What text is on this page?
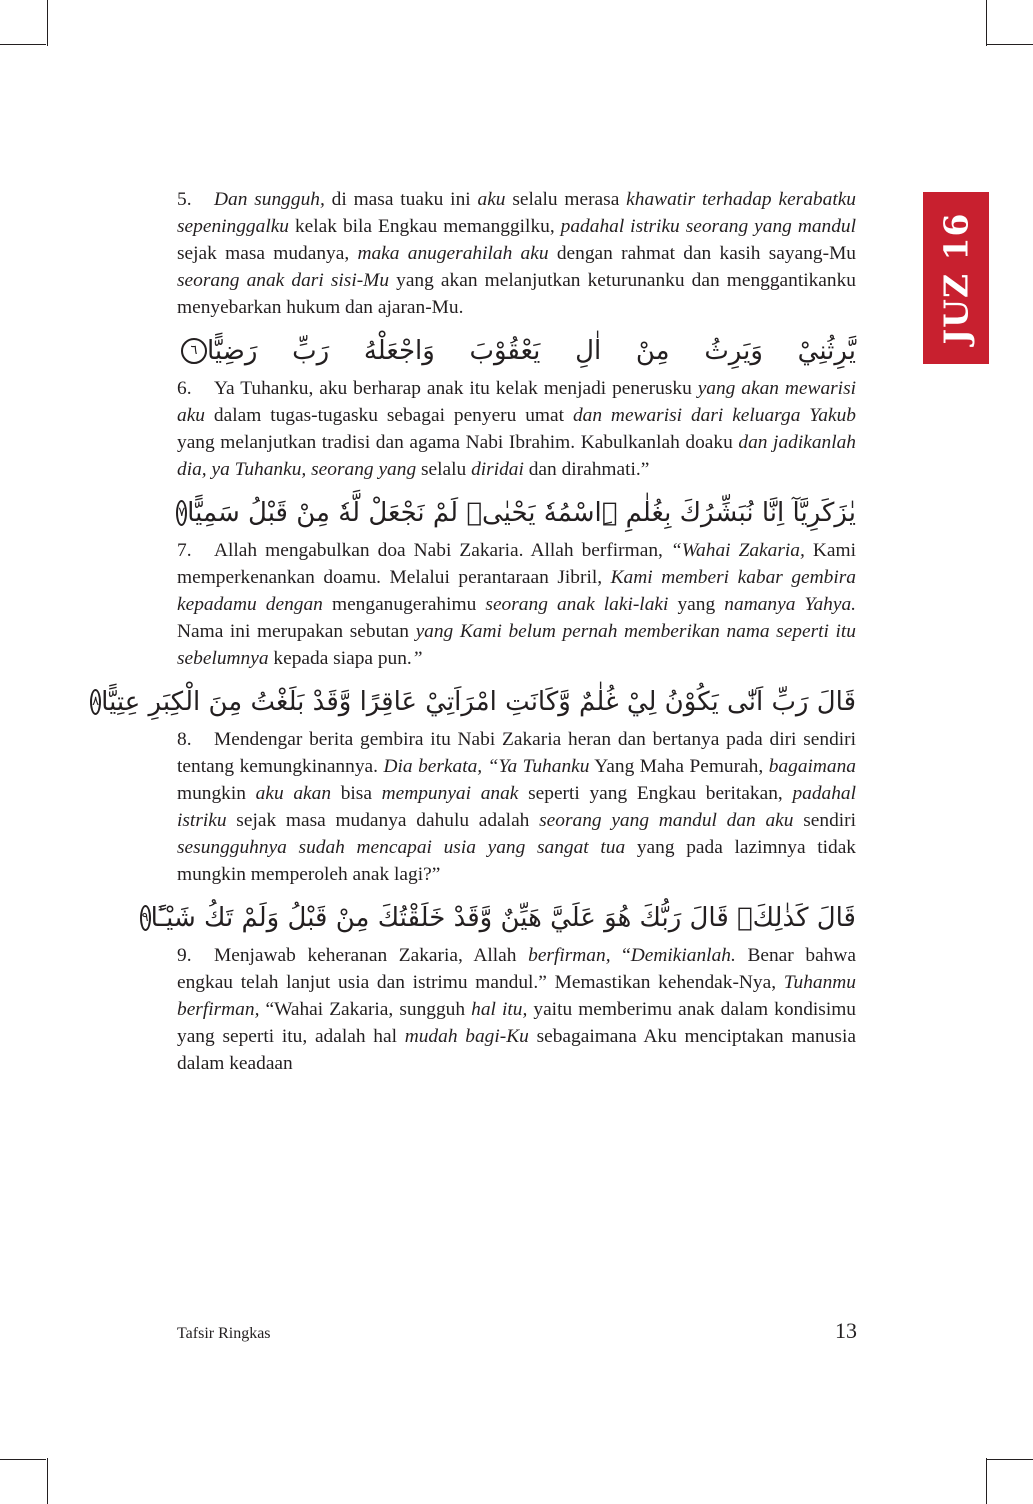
JUZ 16

5. Dan sungguh, di masa tuaku ini aku selalu merasa khawatir terhadap kerabatku sepeninggalku kelak bila Engkau memanggilku, padahal istriku seorang yang mandul sejak masa mudanya, maka anugerahilah aku dengan rahmat dan kasih sayang-Mu seorang anak dari sisi-Mu yang akan melanjutkan keturunanku dan menggantikanku menyebarkan hukum dan ajaran-Mu.

يَّرِثُنِيْ وَيَرِثُ مِنْ اٰلِ يَعْقُوْبَ وَاجْعَلْهُ رَبِّ رَضِيًّا
٦

6. Ya Tuhanku, aku berharap anak itu kelak menjadi penerusku yang akan mewarisi aku dalam tugas-tugasku sebagai penyeru umat dan mewarisi dari keluarga Yakub yang melanjutkan tradisi dan agama Nabi Ibrahim. Kabulkanlah doaku dan jadikanlah dia, ya Tuhanku, seorang yang selalu diridai dan dirahmati.”

يٰزَكَرِيَّآ اِنَّا نُبَشِّرُكَ بِغُلٰمِ ِۨاسْمُهٗ يَحْيٰىۙ لَمْ نَجْعَلْ لَّهٗ مِنْ قَبْلُ سَمِيًّا
٧

7. Allah mengabulkan doa Nabi Zakaria. Allah berfirman, “Wahai Zakaria, Kami memperkenankan doamu. Melalui perantaraan Jibril, Kami memberi kabar gembira kepadamu dengan menganugerahimu seorang anak laki-laki yang namanya Yahya. Nama ini merupakan sebutan yang Kami belum pernah memberikan nama seperti itu sebelumnya kepada siapa pun.”

قَالَ رَبِّ اَنّٰى يَكُوْنُ لِيْ غُلٰمٌ وَّكَانَتِ امْرَاَتِيْ عَاقِرًا وَّقَدْ بَلَغْتُ مِنَ الْكِبَرِ عِتِيًّا
٨

8. Mendengar berita gembira itu Nabi Zakaria heran dan bertanya pada diri sendiri tentang kemungkinannya. Dia berkata, “Ya Tuhanku Yang Maha Pemurah, bagaimana mungkin aku akan bisa mempunyai anak seperti yang Engkau beritakan, padahal istriku sejak masa mudanya dahulu adalah seorang yang mandul dan aku sendiri sesungguhnya sudah mencapai usia yang sangat tua yang pada lazimnya tidak mungkin memperoleh anak lagi?”

قَالَ كَذٰلِكَۗ قَالَ رَبُّكَ هُوَ عَلَيَّ هَيِّنٌ وَّقَدْ خَلَقْتُكَ مِنْ قَبْلُ وَلَمْ تَكُ شَيْـًٔا
٩

9. Menjawab keheranan Zakaria, Allah berfirman, “Demikianlah. Benar bahwa engkau telah lanjut usia dan istrimu mandul.” Memastikan kehendak-Nya, Tuhanmu berfirman, “Wahai Zakaria, sungguh hal itu, yaitu memberimu anak dalam kondisimu yang seperti itu, adalah hal mudah bagi-Ku sebagaimana Aku menciptakan manusia dalam keadaan

Tafsir Ringkas	13
